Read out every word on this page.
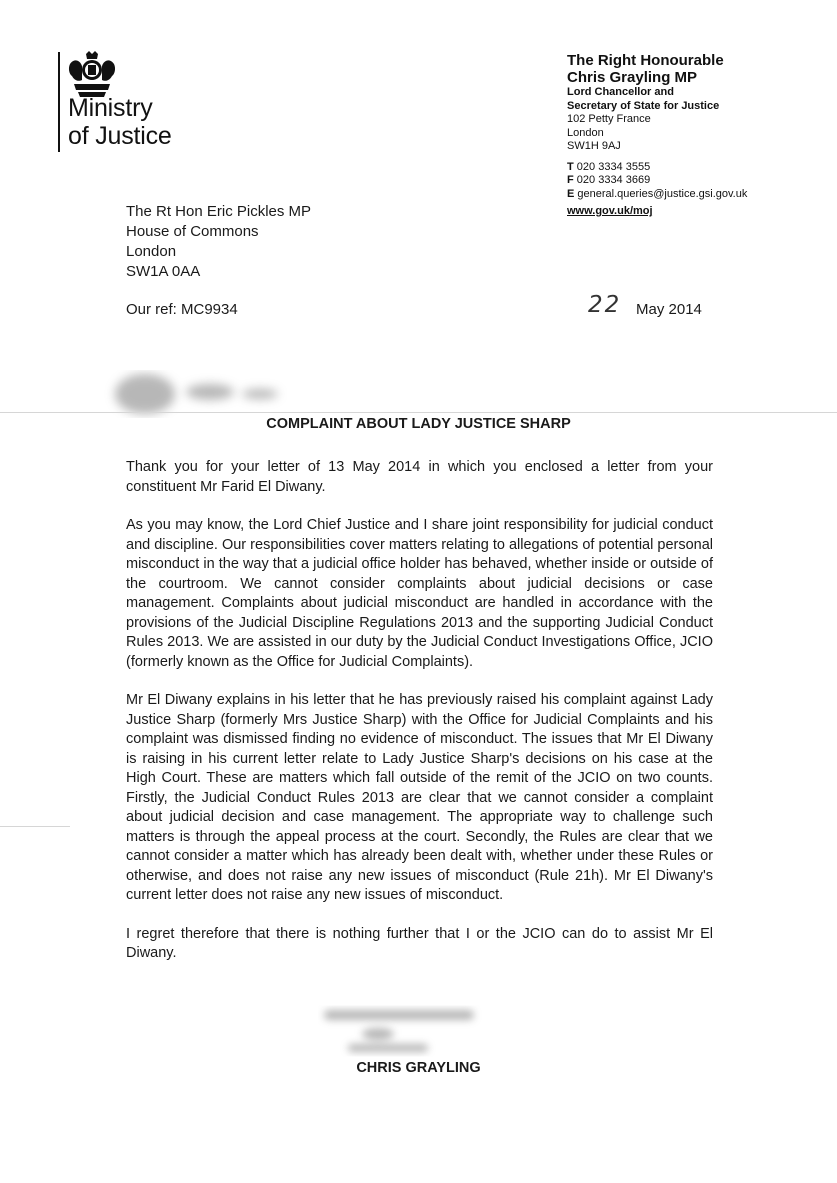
Ministry
of Justice
The Right Honourable
Chris Grayling MP
Lord Chancellor and
Secretary of State for Justice
102 Petty France
London
SW1H 9AJ
T 020 3334 3555
F 020 3334 3669
E general.queries@justice.gsi.gov.uk
www.gov.uk/moj
The Rt Hon Eric Pickles MP
House of Commons
London
SW1A 0AA
Our ref: MC9934	22 May 2014
COMPLAINT ABOUT LADY JUSTICE SHARP

Thank you for your letter of 13 May 2014 in which you enclosed a letter from your constituent Mr Farid El Diwany.

As you may know, the Lord Chief Justice and I share joint responsibility for judicial conduct and discipline. Our responsibilities cover matters relating to allegations of potential personal misconduct in the way that a judicial office holder has behaved, whether inside or outside of the courtroom. We cannot consider complaints about judicial decisions or case management. Complaints about judicial misconduct are handled in accordance with the provisions of the Judicial Discipline Regulations 2013 and the supporting Judicial Conduct Rules 2013. We are assisted in our duty by the Judicial Conduct Investigations Office, JCIO (formerly known as the Office for Judicial Complaints).

Mr El Diwany explains in his letter that he has previously raised his complaint against Lady Justice Sharp (formerly Mrs Justice Sharp) with the Office for Judicial Complaints and his complaint was dismissed finding no evidence of misconduct. The issues that Mr El Diwany is raising in his current letter relate to Lady Justice Sharp's decisions on his case at the High Court. These are matters which fall outside of the remit of the JCIO on two counts. Firstly, the Judicial Conduct Rules 2013 are clear that we cannot consider a complaint about judicial decision and case management. The appropriate way to challenge such matters is through the appeal process at the court. Secondly, the Rules are clear that we cannot consider a matter which has already been dealt with, whether under these Rules or otherwise, and does not raise any new issues of misconduct (Rule 21h). Mr El Diwany's current letter does not raise any new issues of misconduct.

I regret therefore that there is nothing further that I or the JCIO can do to assist Mr El Diwany.

CHRIS GRAYLING
